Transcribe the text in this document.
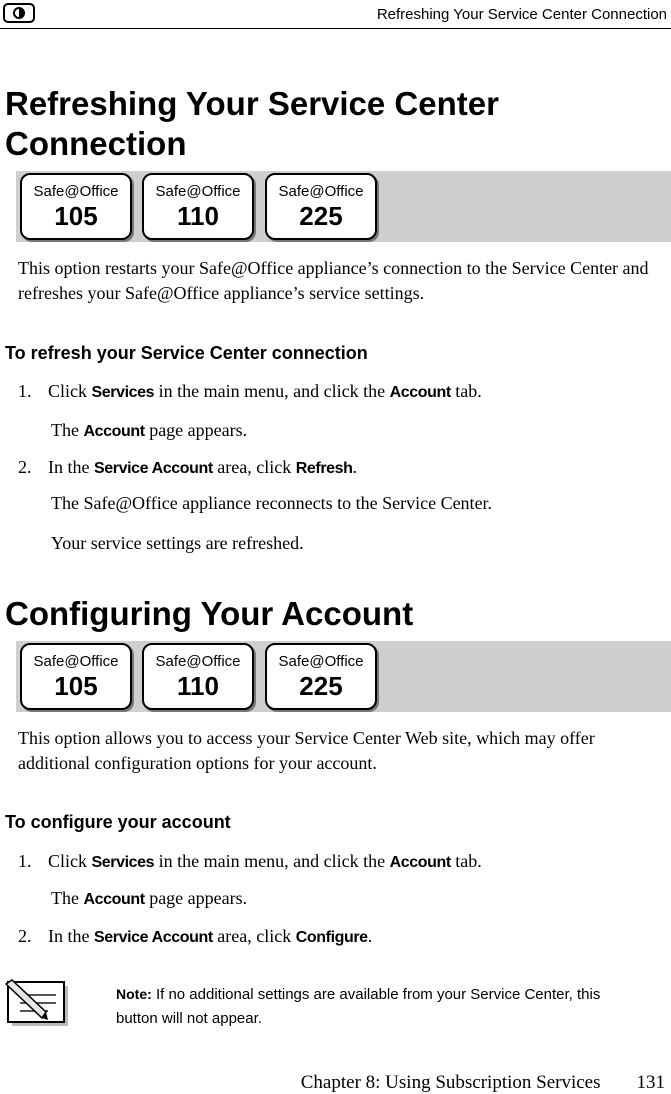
Refreshing Your Service Center Connection
Refreshing Your Service Center
Connection
Safe@Office
105
Safe@Office
110
Safe@Office
225
This option restarts your Safe@Office appliance’s connection to the Service Center and refreshes your Safe@Office appliance’s service settings.
To refresh your Service Center connection
1. Click Services in the main menu, and click the Account tab.
The Account page appears.
2. In the Service Account area, click Refresh.
The Safe@Office appliance reconnects to the Service Center.
Your service settings are refreshed.
Configuring Your Account
Safe@Office
105
Safe@Office
110
Safe@Office
225
This option allows you to access your Service Center Web site, which may offer additional configuration options for your account.
To configure your account
1. Click Services in the main menu, and click the Account tab.
The Account page appears.
2. In the Service Account area, click Configure.
Note: If no additional settings are available from your Service Center, this button will not appear.
Chapter 8: Using Subscription Services 131
